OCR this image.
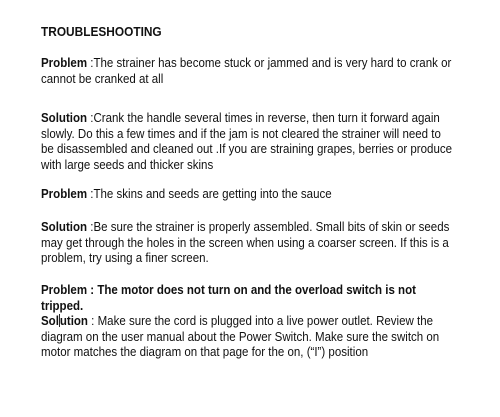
TROUBLESHOOTING
Problem :The strainer has become stuck or jammed and is very hard to crank or cannot be cranked at all
Solution :Crank the handle several times in reverse, then turn it forward again slowly. Do this a few times and if the jam is not cleared the strainer will need to be disassembled and cleaned out .If you are straining grapes, berries or produce with large seeds and thicker skins
Problem :The skins and seeds are getting into the sauce
Solution :Be sure the strainer is properly assembled. Small bits of skin or seeds may get through the holes in the screen when using a coarser screen. If this is a problem, try using a finer screen.
Problem : The motor does not turn on and the overload switch is not tripped.
Solution : Make sure the cord is plugged into a live power outlet. Review the diagram on the user manual about the Power Switch. Make sure the switch on motor matches the diagram on that page for the on, (“I”) position
